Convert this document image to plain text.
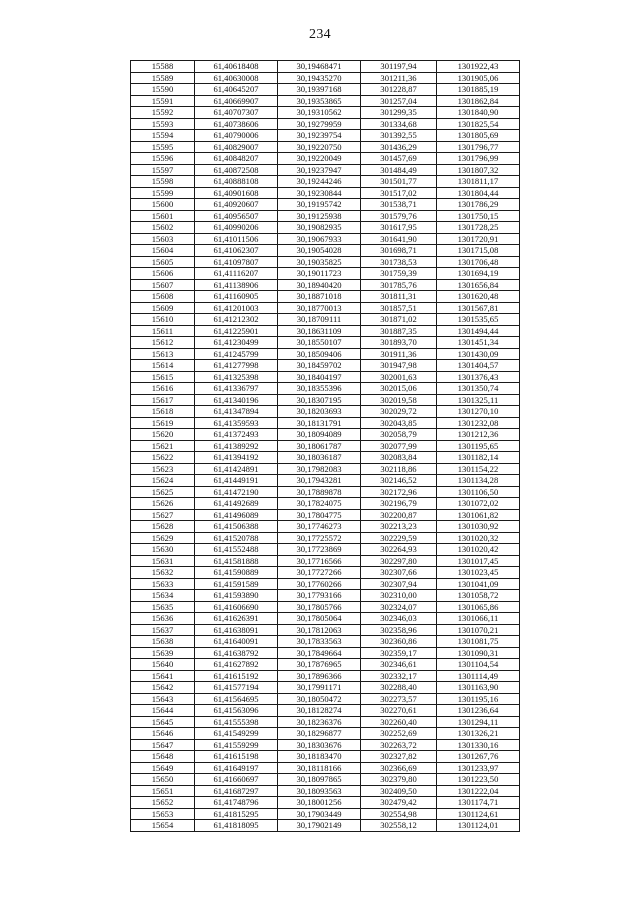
234
15588	61,40618408	30,19468471	301197,94	1301922,43
15589	61,40630008	30,19435270	301211,36	1301905,06
15590	61,40645207	30,19397168	301228,87	1301885,19
15591	61,40669907	30,19353865	301257,04	1301862,84
15592	61,40707307	30,19310562	301299,35	1301840,90
15593	61,40738606	30,19279959	301334,68	1301825,54
15594	61,40790006	30,19239754	301392,55	1301805,69
15595	61,40829007	30,19220750	301436,29	1301796,77
15596	61,40848207	30,19220049	301457,69	1301796,99
15597	61,40872508	30,19237947	301484,49	1301807,32
15598	61,40888108	30,19244246	301501,77	1301811,17
15599	61,40901608	30,19230844	301517,02	1301804,44
15600	61,40920607	30,19195742	301538,71	1301786,29
15601	61,40956507	30,19125938	301579,76	1301750,15
15602	61,40990206	30,19082935	301617,95	1301728,25
15603	61,41011506	30,19067933	301641,90	1301720,91
15604	61,41062307	30,19054028	301698,71	1301715,08
15605	61,41097807	30,19035825	301738,53	1301706,48
15606	61,41116207	30,19011723	301759,39	1301694,19
15607	61,41138906	30,18940420	301785,76	1301656,84
15608	61,41160905	30,18871018	301811,31	1301620,48
15609	61,41201003	30,18770013	301857,51	1301567,81
15610	61,41212302	30,18709111	301871,02	1301535,65
15611	61,41225901	30,18631109	301887,35	1301494,44
15612	61,41230499	30,18550107	301893,70	1301451,34
15613	61,41245799	30,18509406	301911,36	1301430,09
15614	61,41277998	30,18459702	301947,98	1301404,57
15615	61,41325398	30,18404197	302001,63	1301376,43
15616	61,41336797	30,18355396	302015,06	1301350,74
15617	61,41340196	30,18307195	302019,58	1301325,11
15618	61,41347894	30,18203693	302029,72	1301270,10
15619	61,41359593	30,18131791	302043,85	1301232,08
15620	61,41372493	30,18094089	302058,79	1301212,36
15621	61,41389292	30,18061787	302077,99	1301195,65
15622	61,41394192	30,18036187	302083,84	1301182,14
15623	61,41424891	30,17982083	302118,86	1301154,22
15624	61,41449191	30,17943281	302146,52	1301134,28
15625	61,41472190	30,17889878	302172,96	1301106,50
15626	61,41492689	30,17824075	302196,79	1301072,02
15627	61,41496089	30,17804775	302200,87	1301061,82
15628	61,41506388	30,17746273	302213,23	1301030,92
15629	61,41520788	30,17725572	302229,59	1301020,32
15630	61,41552488	30,17723869	302264,93	1301020,42
15631	61,41581888	30,17716566	302297,80	1301017,45
15632	61,41590889	30,17727266	302307,66	1301023,45
15633	61,41591589	30,17760266	302307,94	1301041,09
15634	61,41593890	30,17793166	302310,00	1301058,72
15635	61,41606690	30,17805766	302324,07	1301065,86
15636	61,41626391	30,17805064	302346,03	1301066,11
15637	61,41638091	30,17812063	302358,96	1301070,21
15638	61,41640091	30,17833563	302360,86	1301081,75
15639	61,41638792	30,17849664	302359,17	1301090,31
15640	61,41627892	30,17876965	302346,61	1301104,54
15641	61,41615192	30,17896366	302332,17	1301114,49
15642	61,41577194	30,17991171	302288,40	1301163,90
15643	61,41564695	30,18050472	302273,57	1301195,16
15644	61,41563096	30,18128274	302270,61	1301236,64
15645	61,41555398	30,18236376	302260,40	1301294,11
15646	61,41549299	30,18296877	302252,69	1301326,21
15647	61,41559299	30,18303676	302263,72	1301330,16
15648	61,41615198	30,18183470	302327,82	1301267,76
15649	61,41649197	30,18118166	302366,69	1301233,97
15650	61,41660697	30,18097865	302379,80	1301223,50
15651	61,41687297	30,18093563	302409,50	1301222,04
15652	61,41748796	30,18001256	302479,42	1301174,71
15653	61,41815295	30,17903449	302554,98	1301124,61
15654	61,41818095	30,17902149	302558,12	1301124,01
